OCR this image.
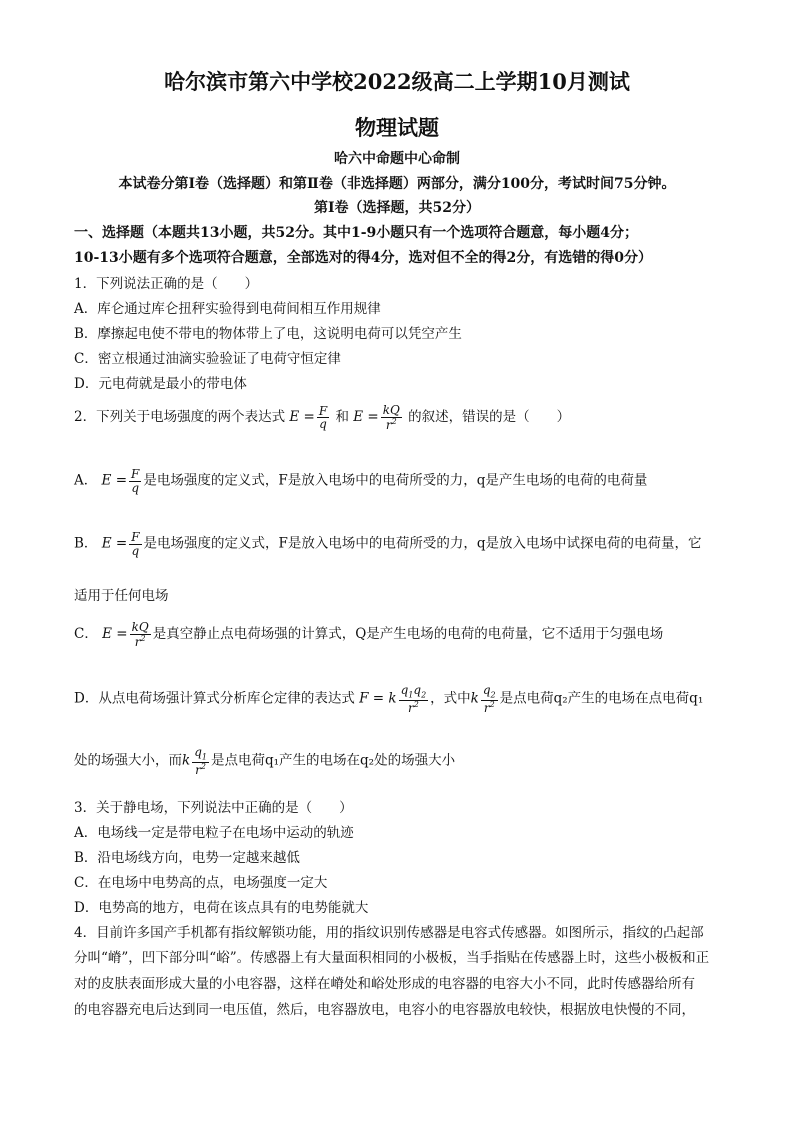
哈尔滨市第六中学校2022级高二上学期10月测试
物理试题
哈六中命题中心命制
本试卷分第Ⅰ卷（选择题）和第Ⅱ卷（非选择题）两部分，满分100分，考试时间75分钟。
第Ⅰ卷（选择题，共52分）
一、选择题（本题共13小题，共52分。其中1-9小题只有一个选项符合题意，每小题4分；
10-13小题有多个选项符合题意，全部选对的得4分，选对但不全的得2分，有选错的得0分）
1．下列说法正确的是（　　）
A．库仑通过库仑扭秤实验得到电荷间相互作用规律
B．摩擦起电使不带电的物体带上了电，这说明电荷可以凭空产生
C．密立根通过油滴实验验证了电荷守恒定律
D．元电荷就是最小的带电体
2．下列关于电场强度的两个表达式 $E = \frac{F}{q}$ 和 $E = \frac{kQ}{r^2}$ 的叙述，错误的是（　　）
A． $E = \frac{F}{q}$ 是电场强度的定义式，F是放入电场中的电荷所受的力，q是产生电场的电荷的电荷量
B． $E = \frac{F}{q}$ 是电场强度的定义式，F是放入电场中的电荷所受的力，q是放入电场中试探电荷的电荷量，它
适用于任何电场
C． $E = \frac{kQ}{r^2}$ 是真空静止点电荷场强的计算式，Q是产生电场的电荷的电荷量，它不适用于匀强电场
D．从点电荷场强计算式分析库仑定律的表达式 F = k $\frac{q_1q_2}{r^2}$ ，式中k $\frac{q_2}{r^2}$ 是点电荷q₂产生的电场在点电荷q₁
处的场强大小，而k $\frac{q_1}{r^2}$ 是点电荷q₁产生的电场在q₂处的场强大小
3．关于静电场，下列说法中正确的是（　　）
A．电场线一定是带电粒子在电场中运动的轨迹
B．沿电场线方向，电势一定越来越低
C．在电场中电势高的点，电场强度一定大
D．电势高的地方，电荷在该点具有的电势能就大
4．目前许多国产手机都有指纹解锁功能，用的指纹识别传感器是电容式传感器。如图所示，指纹的凸起部
分叫“嵴”，凹下部分叫“峪”。传感器上有大量面积相同的小极板，当手指贴在传感器上时，这些小极板和正
对的皮肤表面形成大量的小电容器，这样在嵴处和峪处形成的电容器的电容大小不同，此时传感器给所有
的电容器充电后达到同一电压值，然后，电容器放电，电容小的电容器放电较快，根据放电快慢的不同，
